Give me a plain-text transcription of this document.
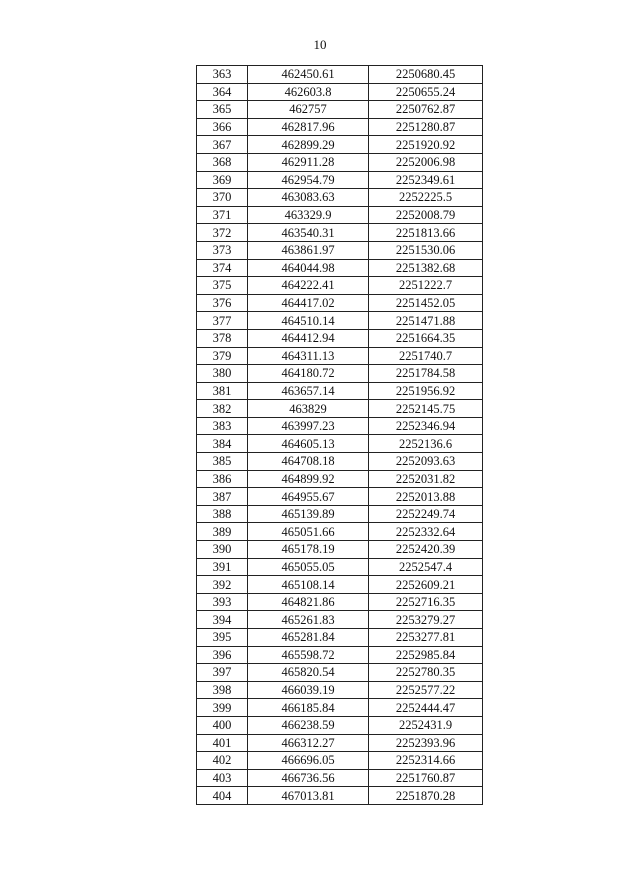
10
363	462450.61	2250680.45
364	462603.8	2250655.24
365	462757	2250762.87
366	462817.96	2251280.87
367	462899.29	2251920.92
368	462911.28	2252006.98
369	462954.79	2252349.61
370	463083.63	2252225.5
371	463329.9	2252008.79
372	463540.31	2251813.66
373	463861.97	2251530.06
374	464044.98	2251382.68
375	464222.41	2251222.7
376	464417.02	2251452.05
377	464510.14	2251471.88
378	464412.94	2251664.35
379	464311.13	2251740.7
380	464180.72	2251784.58
381	463657.14	2251956.92
382	463829	2252145.75
383	463997.23	2252346.94
384	464605.13	2252136.6
385	464708.18	2252093.63
386	464899.92	2252031.82
387	464955.67	2252013.88
388	465139.89	2252249.74
389	465051.66	2252332.64
390	465178.19	2252420.39
391	465055.05	2252547.4
392	465108.14	2252609.21
393	464821.86	2252716.35
394	465261.83	2253279.27
395	465281.84	2253277.81
396	465598.72	2252985.84
397	465820.54	2252780.35
398	466039.19	2252577.22
399	466185.84	2252444.47
400	466238.59	2252431.9
401	466312.27	2252393.96
402	466696.05	2252314.66
403	466736.56	2251760.87
404	467013.81	2251870.28
